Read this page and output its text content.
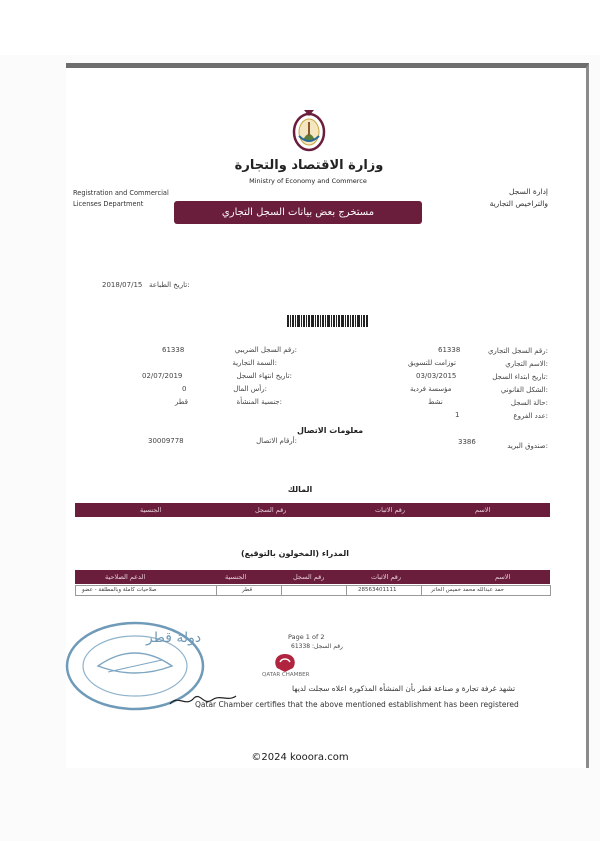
وزارة الاقتصاد والتجارة
Ministry of Economy and Commerce
Registration and Commercial
Licenses Department
إدارة السجل
والتراخيص التجارية
مستخرج بعض بيانات السجل التجاري
2018/07/15 تاريخ الطباعة:
رقم السجل التجاري:
61338
الاسم التجاري:
توزامت للتسويق
تاريخ ابتداء السجل:
03/03/2015
الشكل القانوني:
مؤسسة فردية
حالة السجل:
نشط
عدد الفروع:
1
رقم السجل الضريبي:
61338
السمة التجارية:
تاريخ انتهاء السجل:
02/07/2019
رأس المال:
0
جنسية المنشأة:
قطر
معلومات الاتصال
صندوق البريد:
3386
أرقام الاتصال:
30009778
المالك
الاسم
رقم الاثبات
رقم السجل
الجنسية
المدراء (المخولون بالتوقيع)
الاسم
رقم الاثبات
رقم السجل
الجنسية
الدعم الصلاحية
حمد عبدالله محمد خميس الخاتر
28563401111
قطر
صلاحيات كاملة وبالمطلقة - عضو
Page 1 of 2
رقم السجل: 61338
دولة قطر
QATAR CHAMBER
تشهد غرفة تجارة و صناعة قطر بأن المنشأة المذكورة اعلاه سجلت لديها
Qatar Chamber certifies that the above mentioned establishment has been registered
©2024 kooora.com
